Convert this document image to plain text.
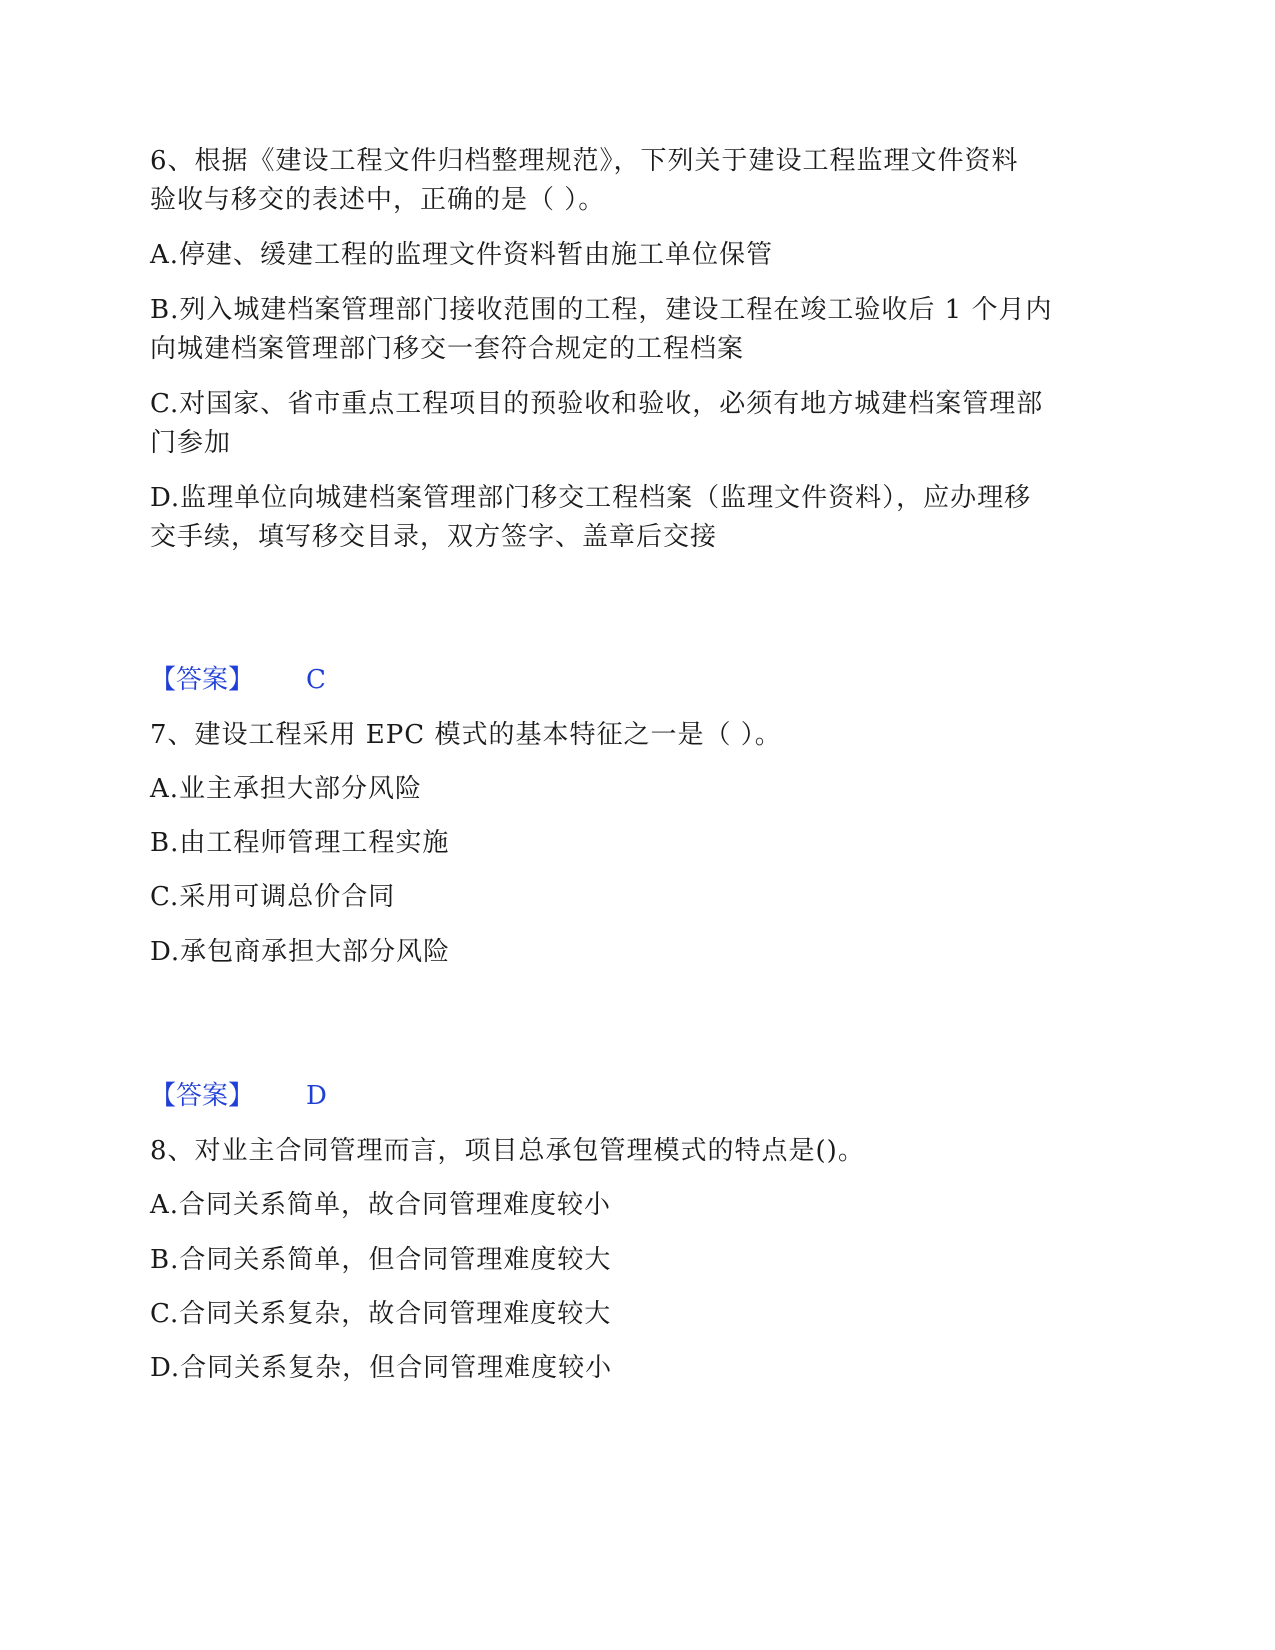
6、根据《建设工程文件归档整理规范》，下列关于建设工程监理文件资料
验收与移交的表述中，正确的是（ ）。
A.停建、缓建工程的监理文件资料暂由施工单位保管
B.列入城建档案管理部门接收范围的工程，建设工程在竣工验收后 1 个月内
向城建档案管理部门移交一套符合规定的工程档案
C.对国家、省市重点工程项目的预验收和验收，必须有地方城建档案管理部
门参加
D.监理单位向城建档案管理部门移交工程档案（监理文件资料），应办理移
交手续，填写移交目录，双方签字、盖章后交接
【答案】 C
7、建设工程采用 EPC 模式的基本特征之一是（ ）。
A.业主承担大部分风险
B.由工程师管理工程实施
C.采用可调总价合同
D.承包商承担大部分风险
【答案】 D
8、对业主合同管理而言，项目总承包管理模式的特点是()。
A.合同关系简单，故合同管理难度较小
B.合同关系简单，但合同管理难度较大
C.合同关系复杂，故合同管理难度较大
D.合同关系复杂，但合同管理难度较小
